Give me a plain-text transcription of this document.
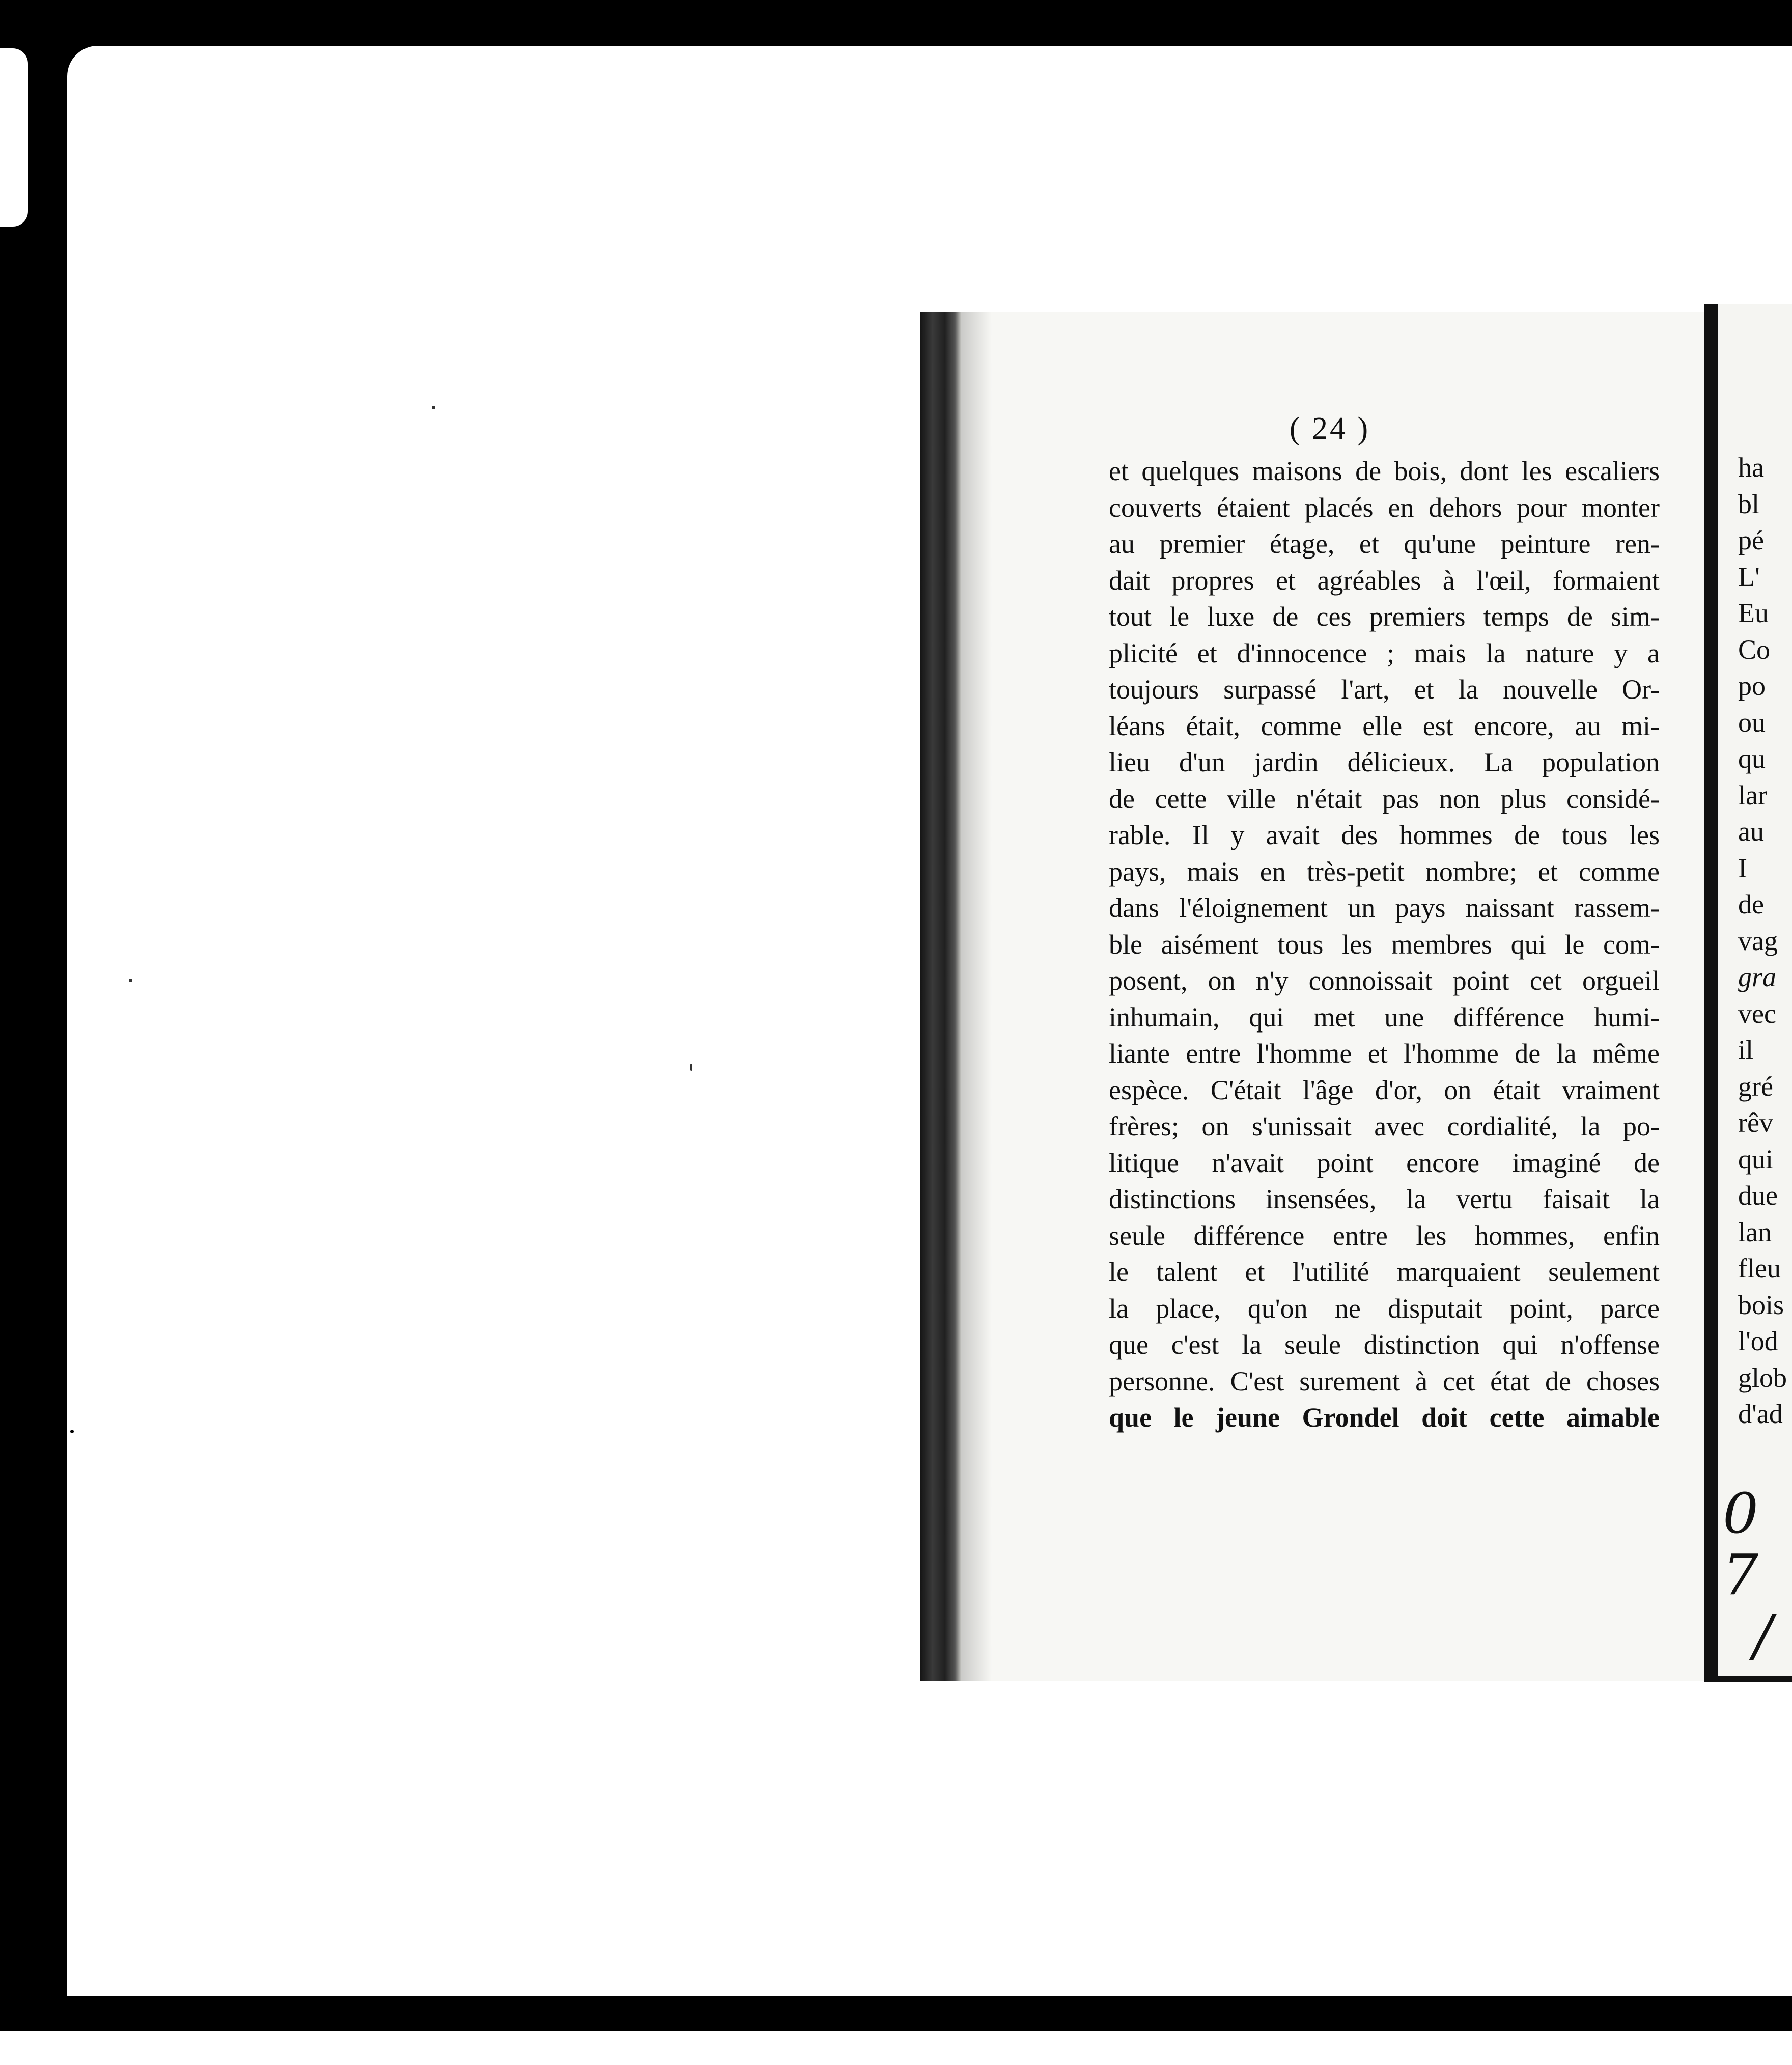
( 24 )
et quelques maisons de bois, dont les escaliers
couverts étaient placés en dehors pour monter
au premier étage, et qu'une peinture ren-
dait propres et agréables à l'œil, formaient
tout le luxe de ces premiers temps de sim-
plicité et d'innocence ; mais la nature y a
toujours surpassé l'art, et la nouvelle Or-
léans était, comme elle est encore, au mi-
lieu d'un jardin délicieux. La population
de cette ville n'était pas non plus considé-
rable. Il y avait des hommes de tous les
pays, mais en très-petit nombre; et comme
dans l'éloignement un pays naissant rassem-
ble aisément tous les membres qui le com-
posent, on n'y connoissait point cet orgueil
inhumain, qui met une différence humi-
liante entre l'homme et l'homme de la même
espèce. C'était l'âge d'or, on était vraiment
frères; on s'unissait avec cordialité, la po-
litique n'avait point encore imaginé de
distinctions insensées, la vertu faisait la
seule différence entre les hommes, enfin
le talent et l'utilité marquaient seulement
la place, qu'on ne disputait point, parce
que c'est la seule distinction qui n'offense
personne. C'est surement à cet état de choses
que le jeune Grondel doit cette aimable
ha
bl
pé
L'
Eu
Co
po
ou
qu
lar
au
I
de
vag
gra
vec
il
gré
rêv
qui
due
lan
fleu
bois
l'od
glob
d'ad
0 7
/
